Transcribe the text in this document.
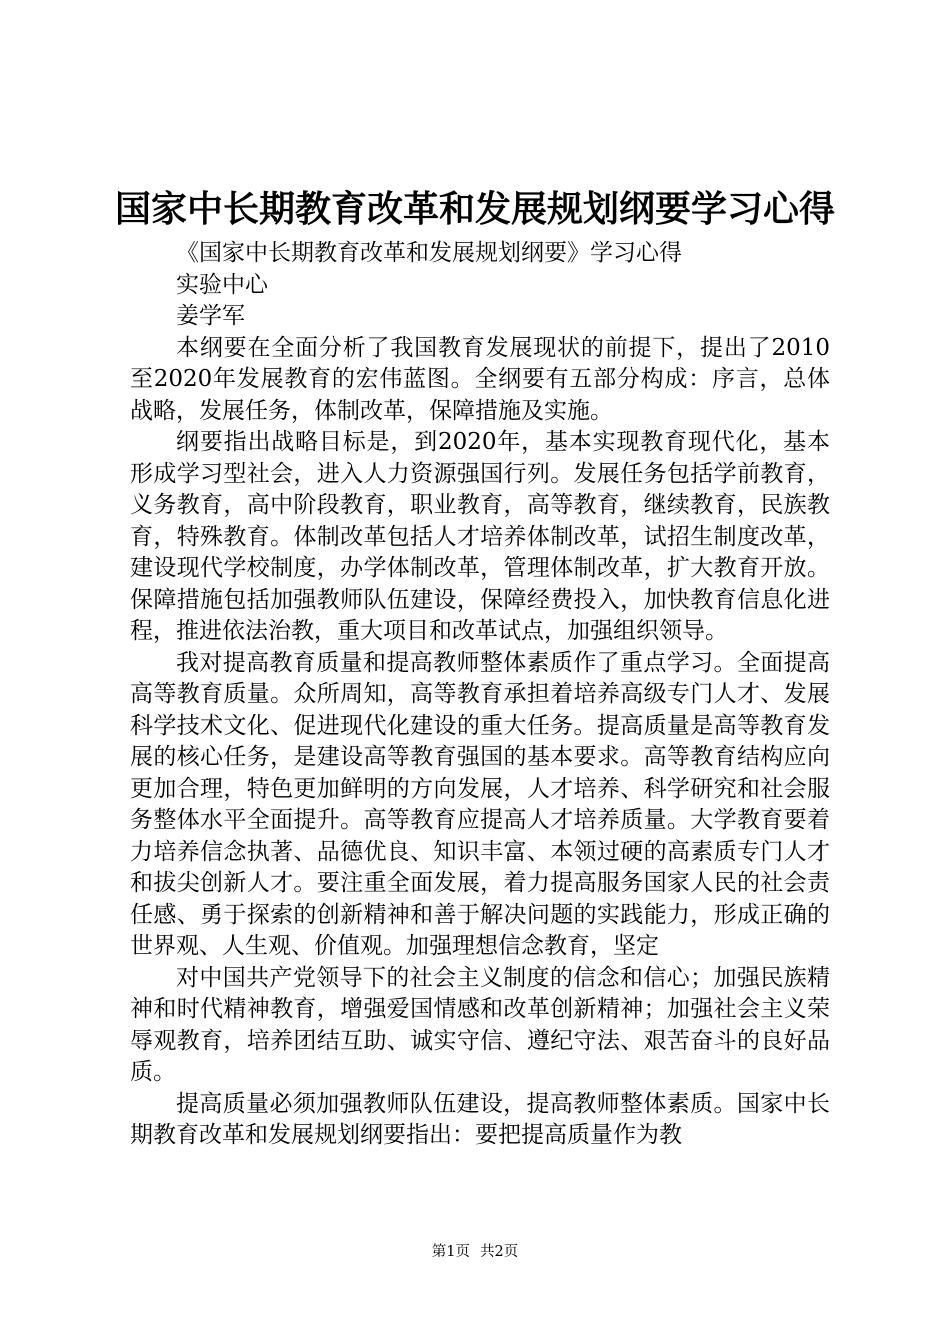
国家中长期教育改革和发展规划纲要学习心得

《国家中长期教育改革和发展规划纲要》学习心得

实验中心

姜学军

本纲要在全面分析了我国教育发展现状的前提下，提出了2010至2020年发展教育的宏伟蓝图。全纲要有五部分构成：序言，总体战略，发展任务，体制改革，保障措施及实施。

纲要指出战略目标是，到2020年，基本实现教育现代化，基本形成学习型社会，进入人力资源强国行列。发展任务包括学前教育，义务教育，高中阶段教育，职业教育，高等教育，继续教育，民族教育，特殊教育。体制改革包括人才培养体制改革，试招生制度改革，建设现代学校制度，办学体制改革，管理体制改革，扩大教育开放。保障措施包括加强教师队伍建设，保障经费投入，加快教育信息化进程，推进依法治教，重大项目和改革试点，加强组织领导。

我对提高教育质量和提高教师整体素质作了重点学习。全面提高高等教育质量。众所周知，高等教育承担着培养高级专门人才、发展科学技术文化、促进现代化建设的重大任务。提高质量是高等教育发展的核心任务，是建设高等教育强国的基本要求。高等教育结构应向更加合理，特色更加鲜明的方向发展，人才培养、科学研究和社会服务整体水平全面提升。高等教育应提高人才培养质量。大学教育要着力培养信念执著、品德优良、知识丰富、本领过硬的高素质专门人才和拔尖创新人才。要注重全面发展，着力提高服务国家人民的社会责任感、勇于探索的创新精神和善于解决问题的实践能力，形成正确的世界观、人生观、价值观。加强理想信念教育，坚定

对中国共产党领导下的社会主义制度的信念和信心；加强民族精神和时代精神教育，增强爱国情感和改革创新精神；加强社会主义荣辱观教育，培养团结互助、诚实守信、遵纪守法、艰苦奋斗的良好品质。

提高质量必须加强教师队伍建设，提高教师整体素质。国家中长期教育改革和发展规划纲要指出：要把提高质量作为教

第1页 共2页
